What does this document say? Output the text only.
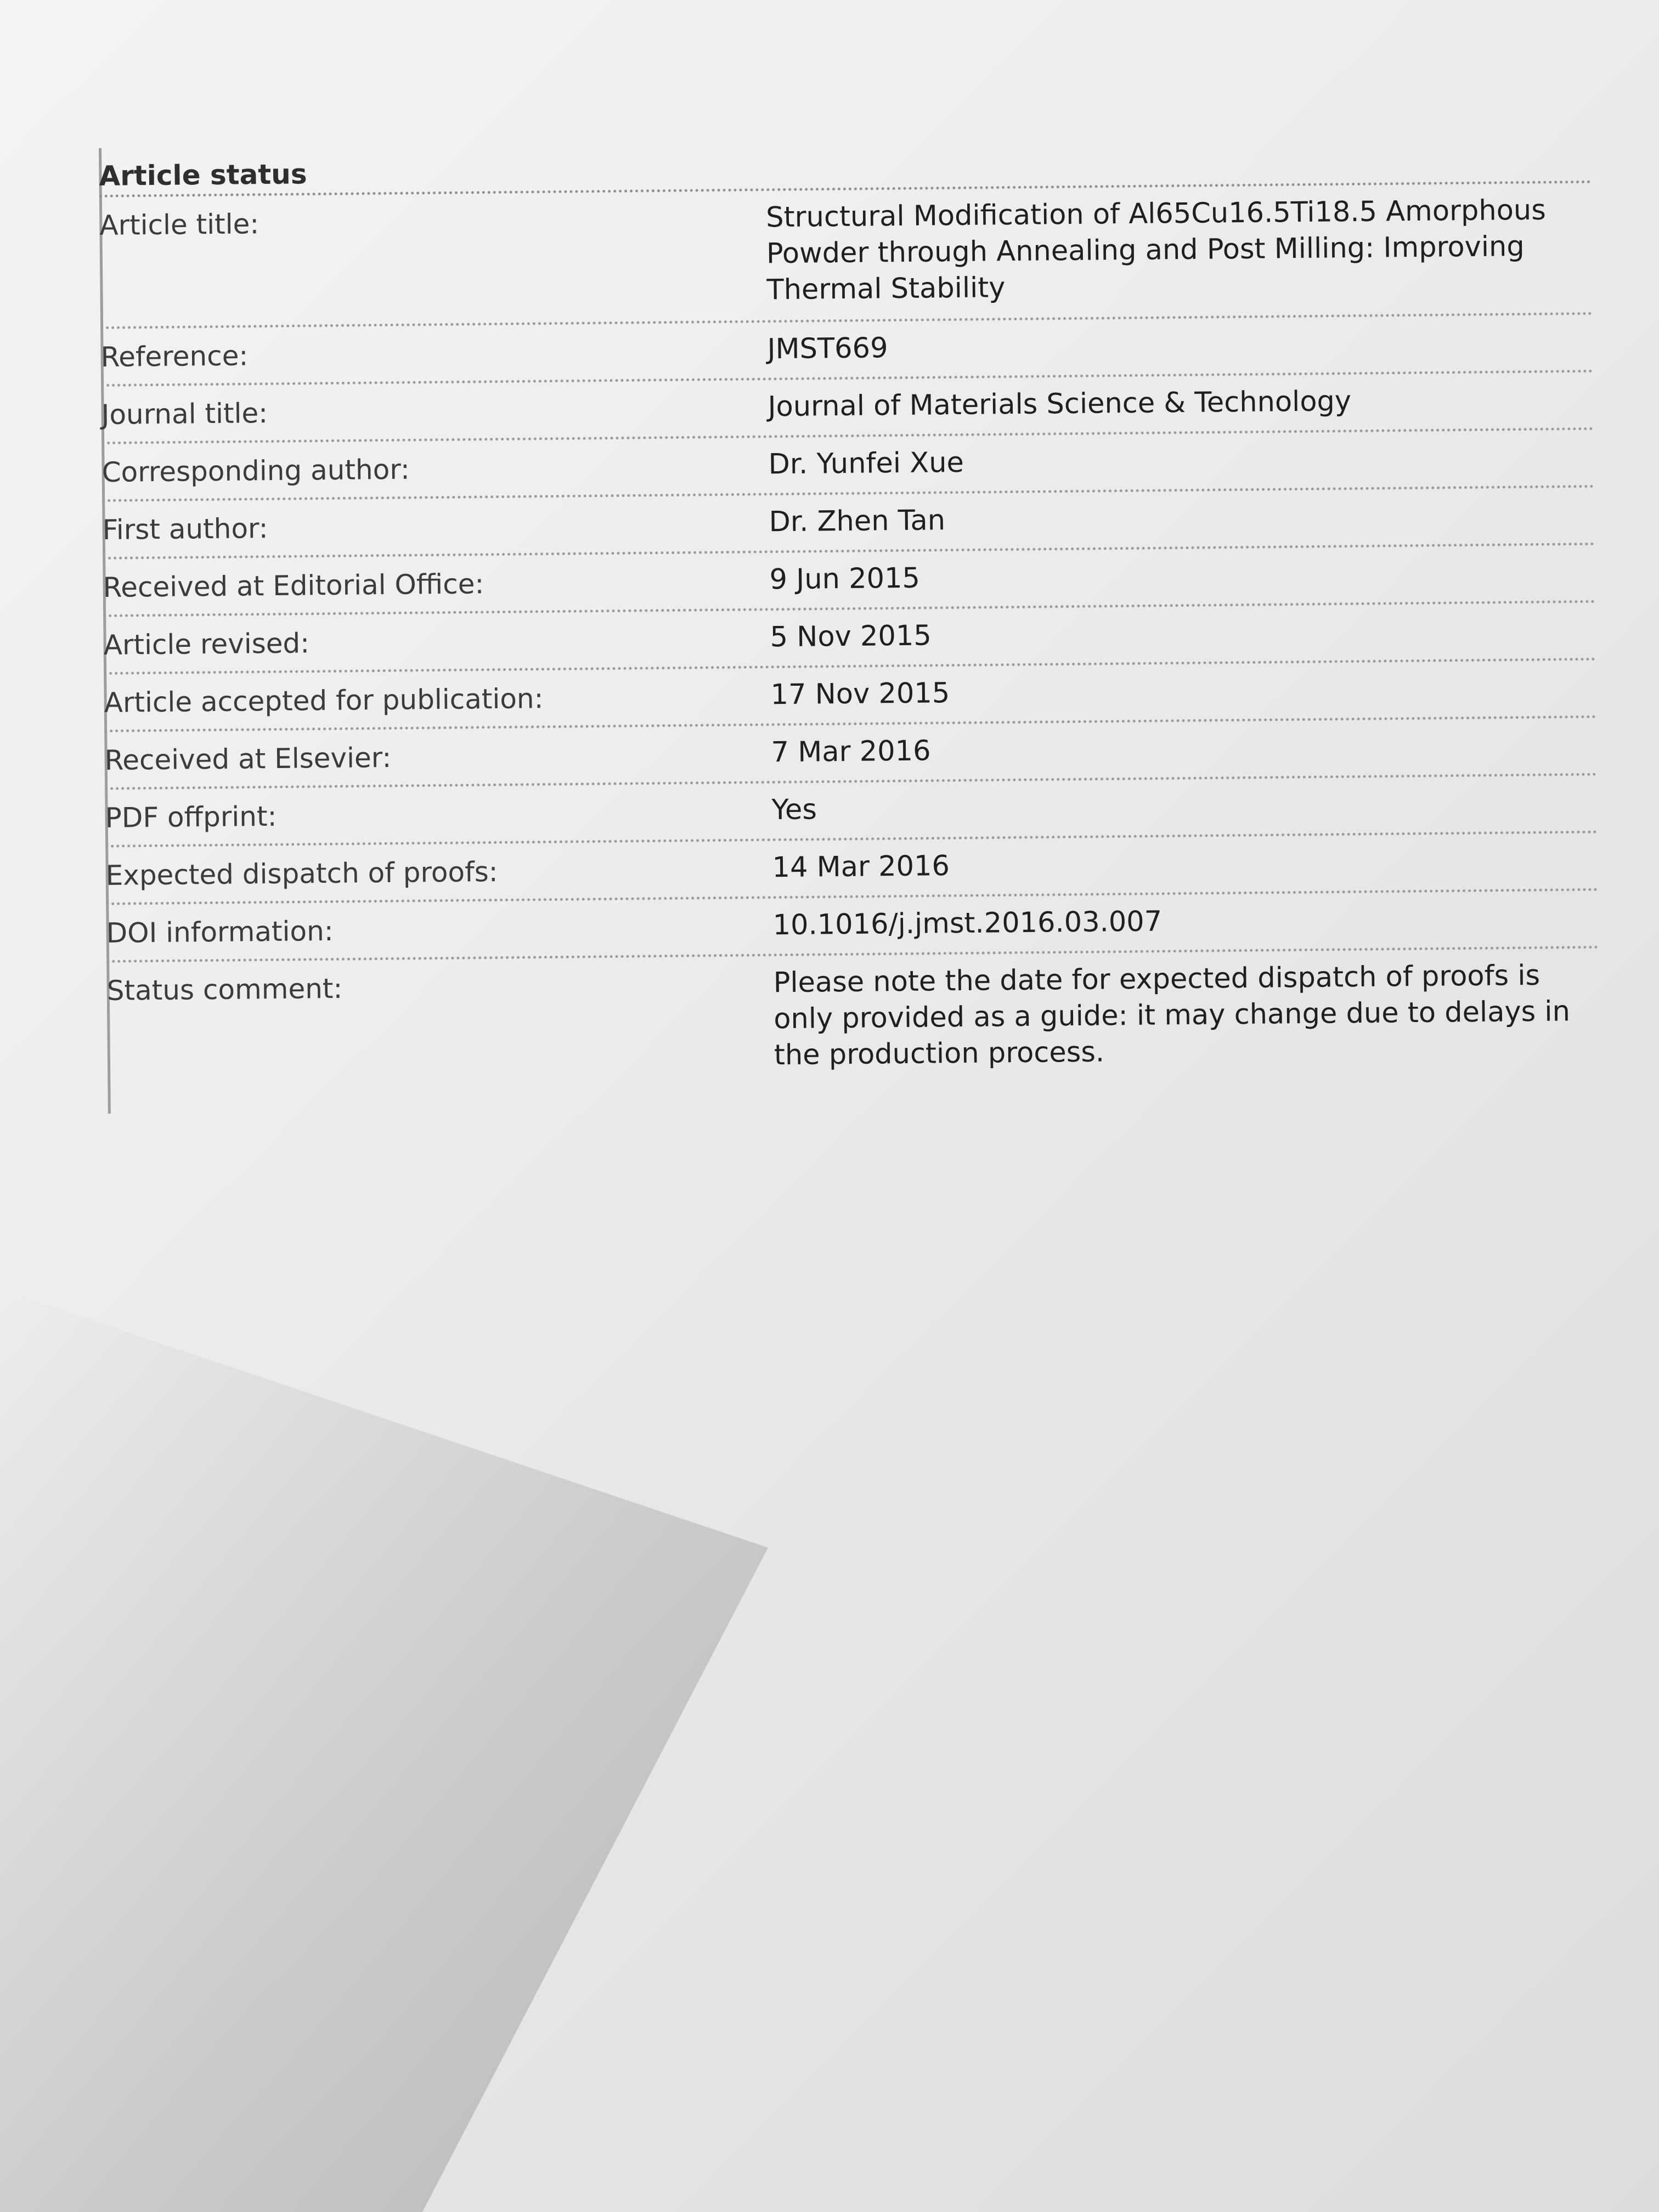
Article status
Article title:	Structural Modification of Al65Cu16.5Ti18.5 Amorphous Powder through Annealing and Post Milling: Improving Thermal Stability
Reference:	JMST669
Journal title:	Journal of Materials Science & Technology
Corresponding author:	Dr. Yunfei Xue
First author:	Dr. Zhen Tan
Received at Editorial Office:	9 Jun 2015
Article revised:	5 Nov 2015
Article accepted for publication:	17 Nov 2015
Received at Elsevier:	7 Mar 2016
PDF offprint:	Yes
Expected dispatch of proofs:	14 Mar 2016
DOI information:	10.1016/j.jmst.2016.03.007
Status comment:	Please note the date for expected dispatch of proofs is only provided as a guide: it may change due to delays in the production process.
